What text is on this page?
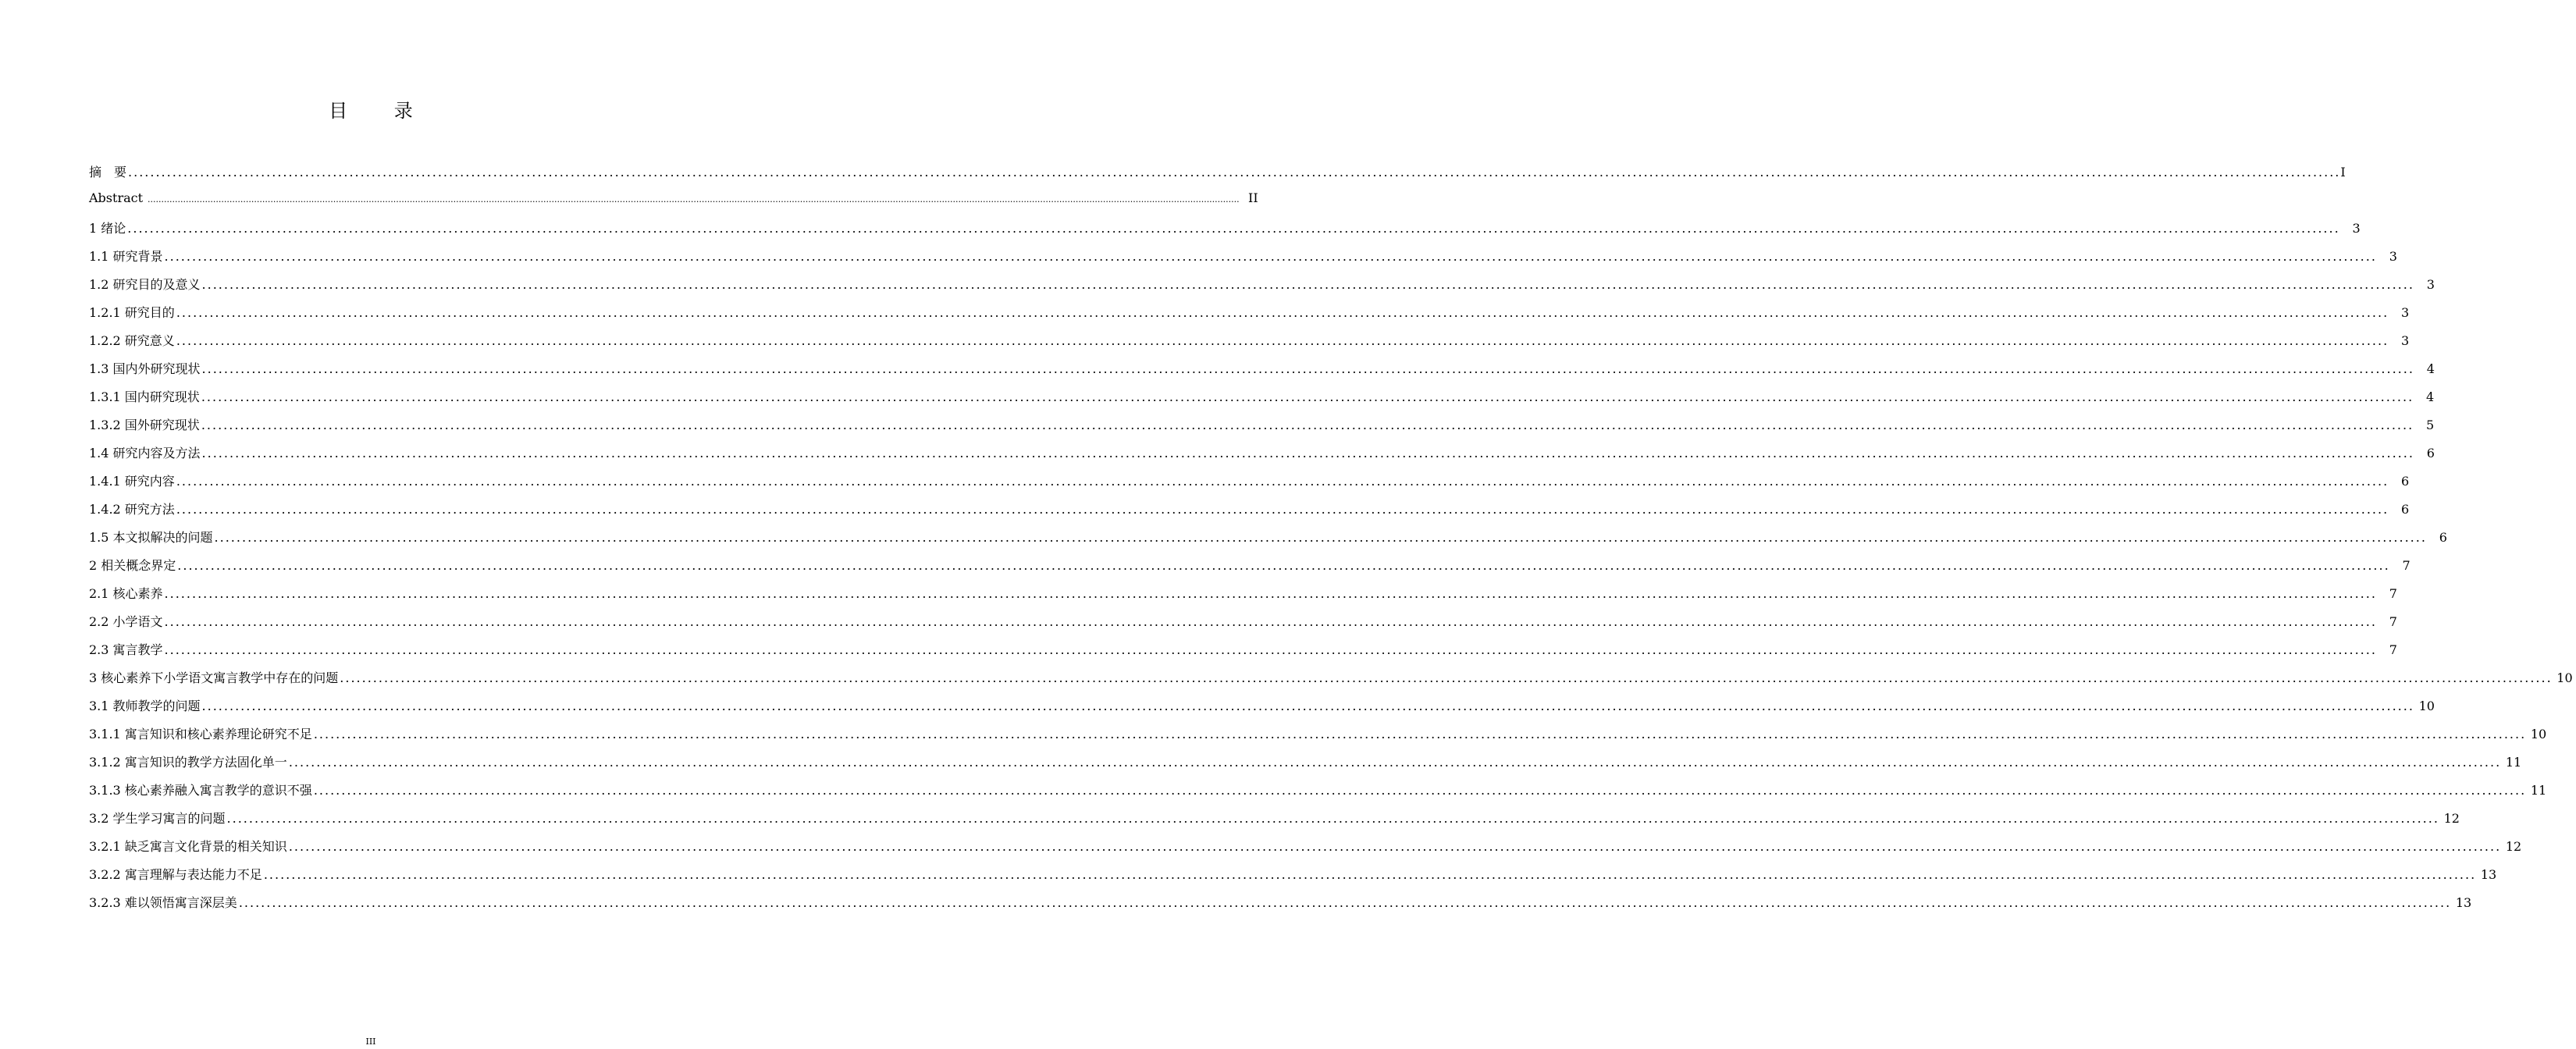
目 录
摘　要 ................................................................................................................................................................................................................................................................................................................................................................................................................ I
Abstract ................................................................................................................................................................................................................................................................................................................................................................................................................ II
1 绪论 ................................................................................................................................................................................................................................................................................................................................................................................................................ 3
1.1 研究背景 ................................................................................................................................................................................................................................................................................................................................................................................................................ 3
1.2 研究目的及意义 ................................................................................................................................................................................................................................................................................................................................................................................................................ 3
1.2.1 研究目的 ................................................................................................................................................................................................................................................................................................................................................................................................................ 3
1.2.2 研究意义 ................................................................................................................................................................................................................................................................................................................................................................................................................ 3
1.3 国内外研究现状 ................................................................................................................................................................................................................................................................................................................................................................................................................ 4
1.3.1 国内研究现状 ................................................................................................................................................................................................................................................................................................................................................................................................................ 4
1.3.2 国外研究现状 ................................................................................................................................................................................................................................................................................................................................................................................................................ 5
1.4 研究内容及方法 ................................................................................................................................................................................................................................................................................................................................................................................................................ 6
1.4.1 研究内容 ................................................................................................................................................................................................................................................................................................................................................................................................................ 6
1.4.2 研究方法 ................................................................................................................................................................................................................................................................................................................................................................................................................ 6
1.5 本文拟解决的问题 ................................................................................................................................................................................................................................................................................................................................................................................................................ 6
2 相关概念界定 ................................................................................................................................................................................................................................................................................................................................................................................................................ 7
2.1 核心素养 ................................................................................................................................................................................................................................................................................................................................................................................................................ 7
2.2 小学语文 ................................................................................................................................................................................................................................................................................................................................................................................................................ 7
2.3 寓言教学 ................................................................................................................................................................................................................................................................................................................................................................................................................ 7
3 核心素养下小学语文寓言教学中存在的问题 ................................................................................................................................................................................................................................................................................................................................................................................................................ 10
3.1 教师教学的问题 ................................................................................................................................................................................................................................................................................................................................................................................................................ 10
3.1.1 寓言知识和核心素养理论研究不足 ................................................................................................................................................................................................................................................................................................................................................................................................................ 10
3.1.2 寓言知识的教学方法固化单一 ................................................................................................................................................................................................................................................................................................................................................................................................................ 11
3.1.3 核心素养融入寓言教学的意识不强 ................................................................................................................................................................................................................................................................................................................................................................................................................ 11
3.2 学生学习寓言的问题 ................................................................................................................................................................................................................................................................................................................................................................................................................ 12
3.2.1 缺乏寓言文化背景的相关知识 ................................................................................................................................................................................................................................................................................................................................................................................................................ 12
3.2.2 寓言理解与表达能力不足 ................................................................................................................................................................................................................................................................................................................................................................................................................ 13
3.2.3 难以领悟寓言深层美 ................................................................................................................................................................................................................................................................................................................................................................................................................ 13
III
